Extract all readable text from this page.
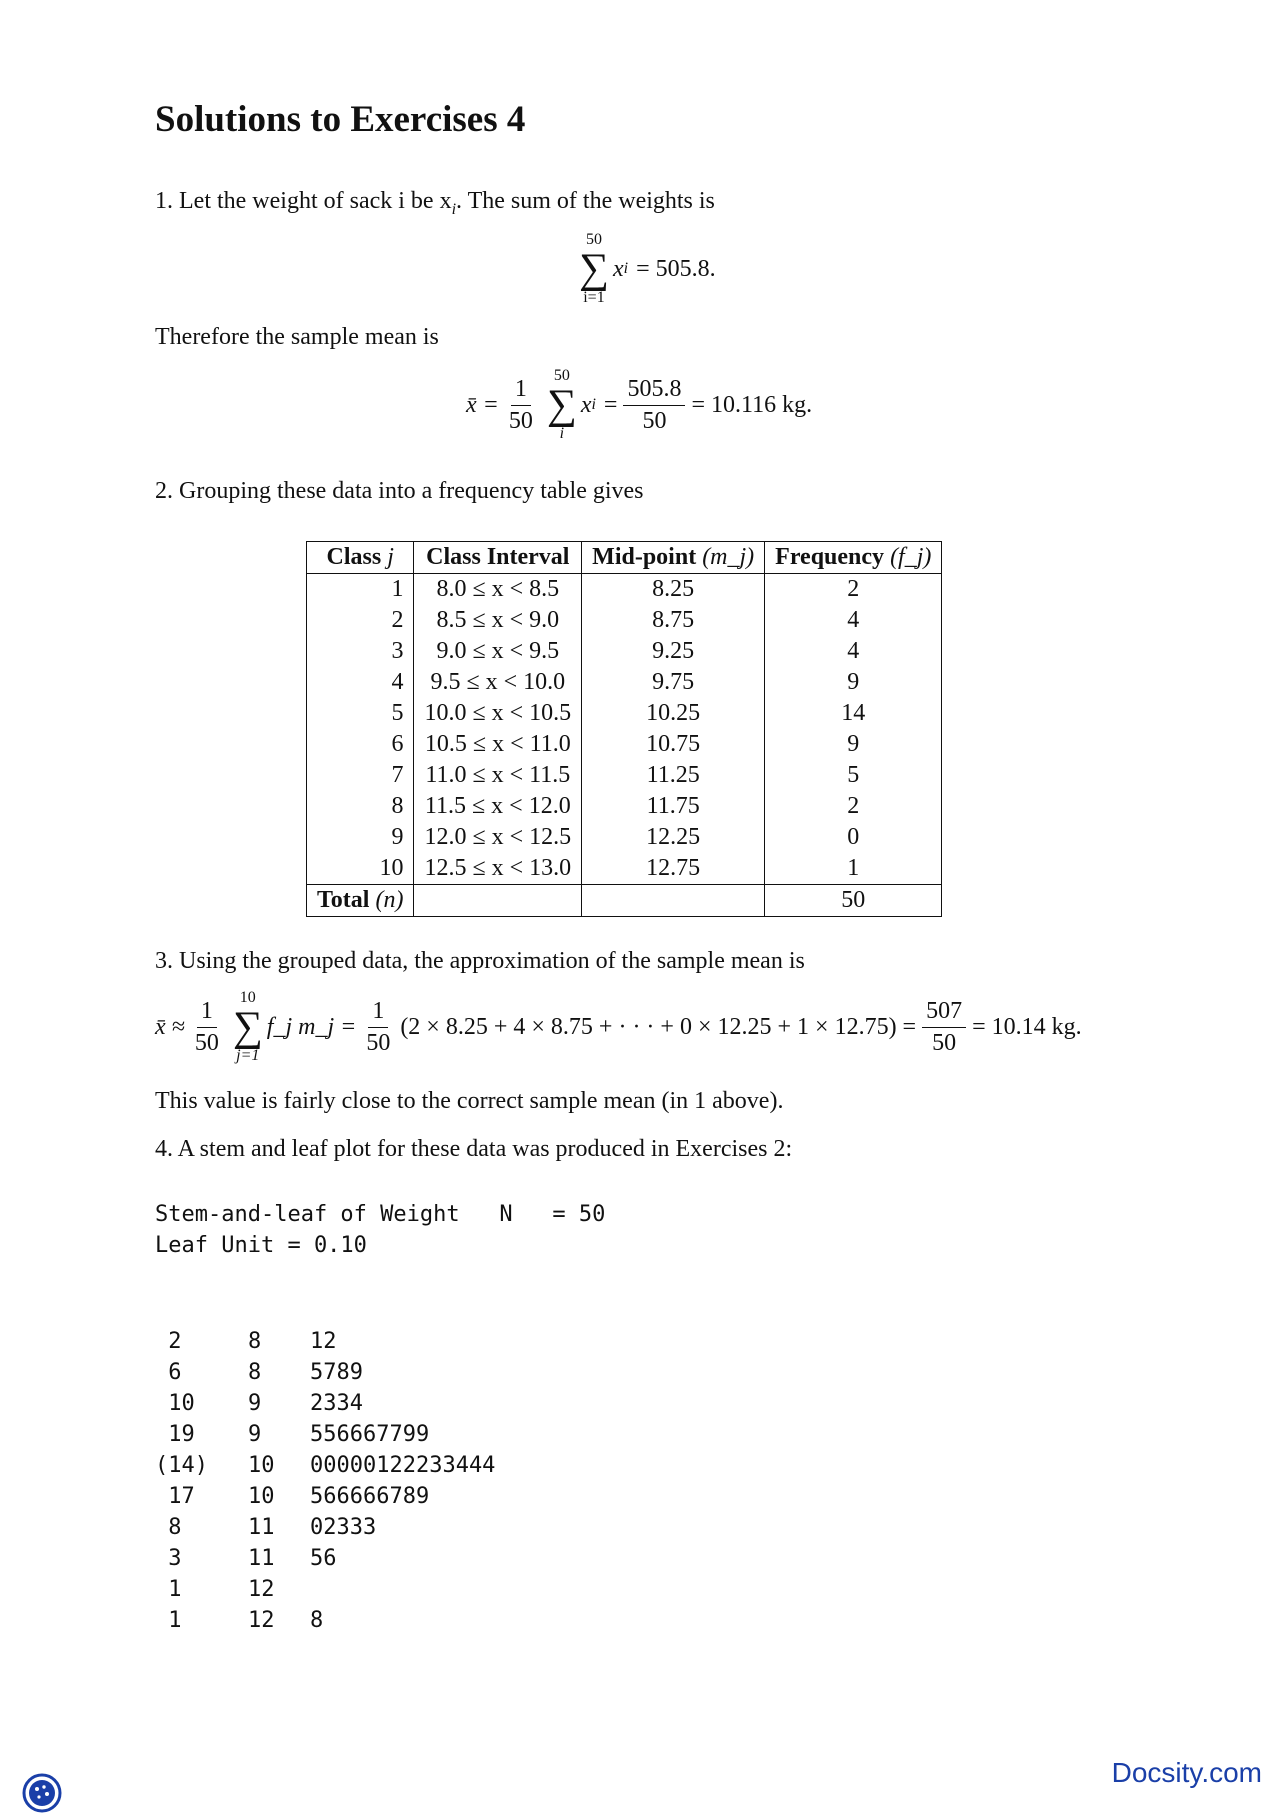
Solutions to Exercises 4
1. Let the weight of sack i be $x_i$. The sum of the weights is
50
∑
i=1
x i = 505.8.
Therefore the sample mean is
x̄ = $\frac{1}{50}$
50
∑
i
x $i = \frac{505.8}{50} = 10.116$ kg.
2. Grouping these data into a frequency table gives
Class j	Class Interval	Mid-point (m_j)	Frequency (f_j)
1	8.0 ≤ x < 8.5	8.25	2
2	8.5 ≤ x < 9.0	8.75	4
3	9.0 ≤ x < 9.5	9.25	4
4	9.5 ≤ x < 10.0	9.75	9
5	10.0 ≤ x < 10.5	10.25	14
6	10.5 ≤ x < 11.0	10.75	9
7	11.0 ≤ x < 11.5	11.25	5
8	11.5 ≤ x < 12.0	11.75	2
9	12.0 ≤ x < 12.5	12.25	0
10	12.5 ≤ x < 13.0	12.75	1
Total (n)			50
3. Using the grouped data, the approximation of the sample mean is
x̄ ≈ $\frac{1}{50}$
10
∑
j=1
f_j m_j = $\frac{1}{50} (2 \times 8.25 + 4 \times 8.75$ + · · · + $0 \times 12.25 + 1 \times 12.75) = \frac{507}{50} = 10.14$ kg.
This value is fairly close to the correct sample mean (in 1 above).
4. A stem and leaf plot for these data was produced in Exercises 2:
Stem-and-leaf of Weight   N   = 50
Leaf Unit = 0.10
2	8 12
6	8 5789
10	9 2334
19	9 556667799
(14)	10 00000122233444
17	10 566666789
8	11 02333
3	11 56
1	12
1	12 8
Docsity.com
